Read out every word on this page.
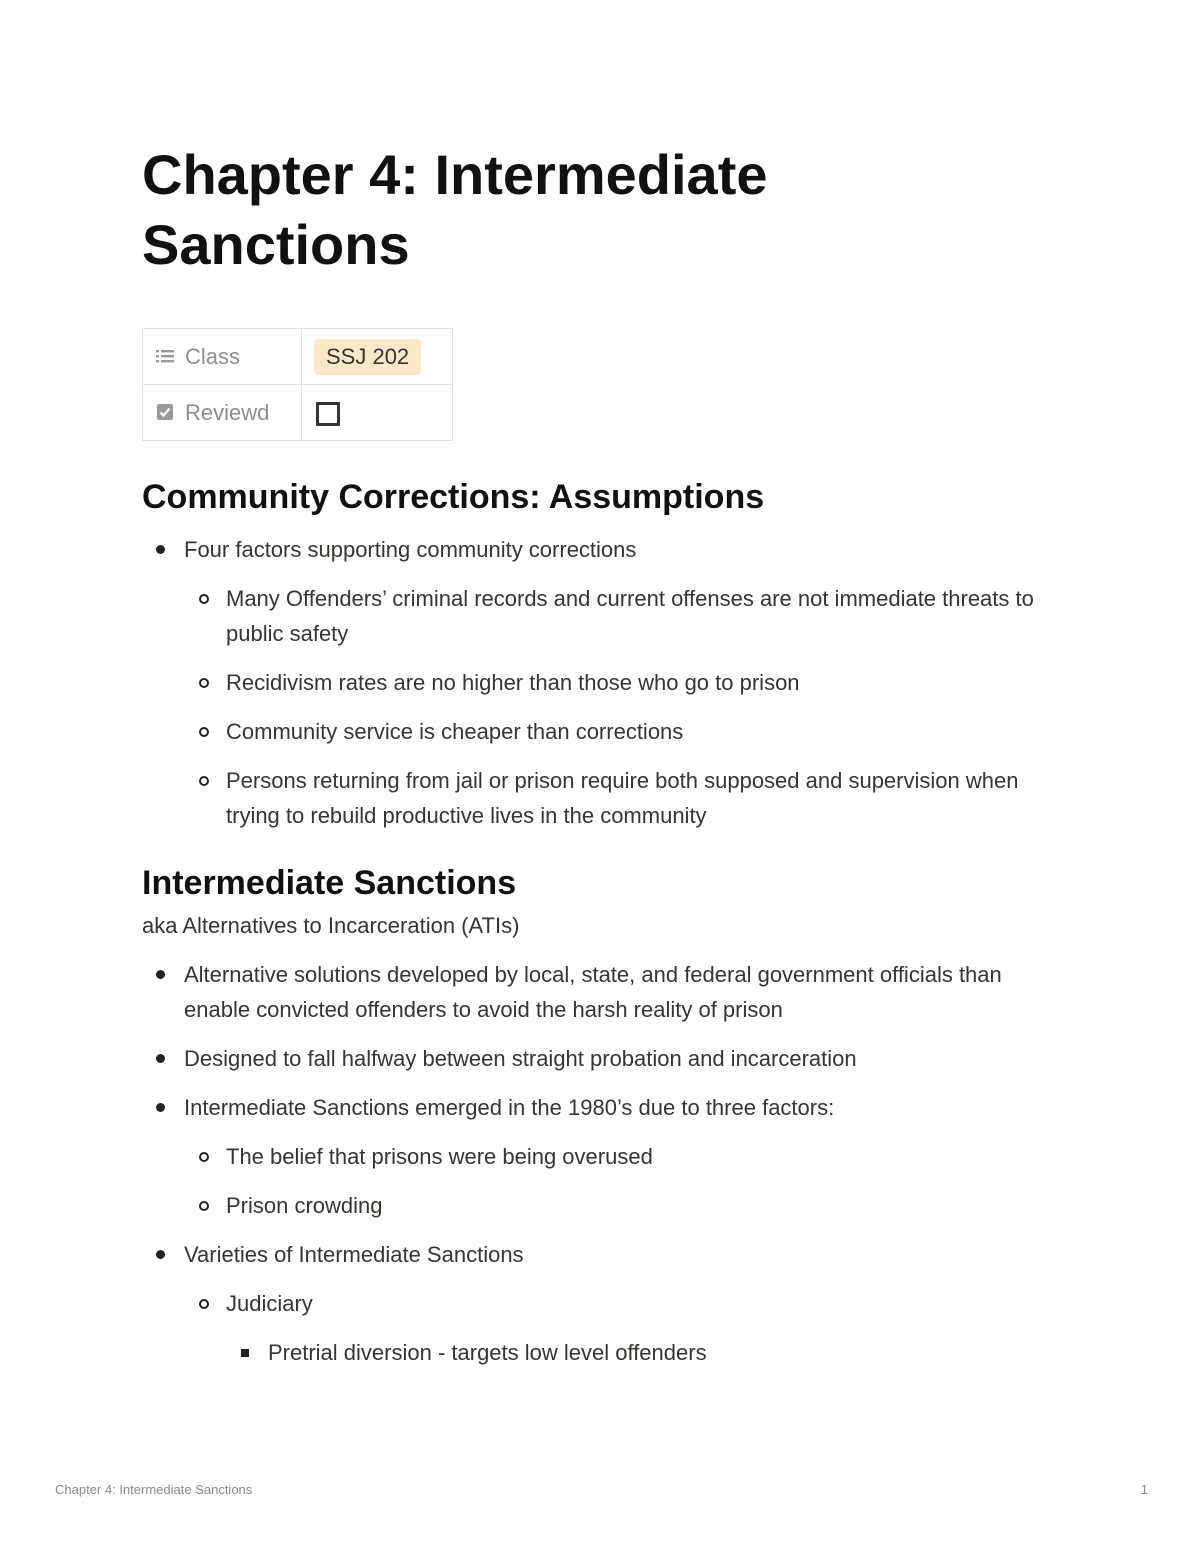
Chapter 4: Intermediate Sanctions
Class	SSJ 202
Reviewd	
Community Corrections: Assumptions
Four factors supporting community corrections
Many Offenders’ criminal records and current offenses are not immediate threats to public safety
Recidivism rates are no higher than those who go to prison
Community service is cheaper than corrections
Persons returning from jail or prison require both supposed and supervision when trying to rebuild productive lives in the community
Intermediate Sanctions

aka Alternatives to Incarceration (ATIs)

Alternative solutions developed by local, state, and federal government officials than enable convicted offenders to avoid the harsh reality of prison
Designed to fall halfway between straight probation and incarceration
Intermediate Sanctions emerged in the 1980’s due to three factors:
The belief that prisons were being overused
Prison crowding
Varieties of Intermediate Sanctions
Judiciary
Pretrial diversion - targets low level offenders
Chapter 4: Intermediate Sanctions	1
